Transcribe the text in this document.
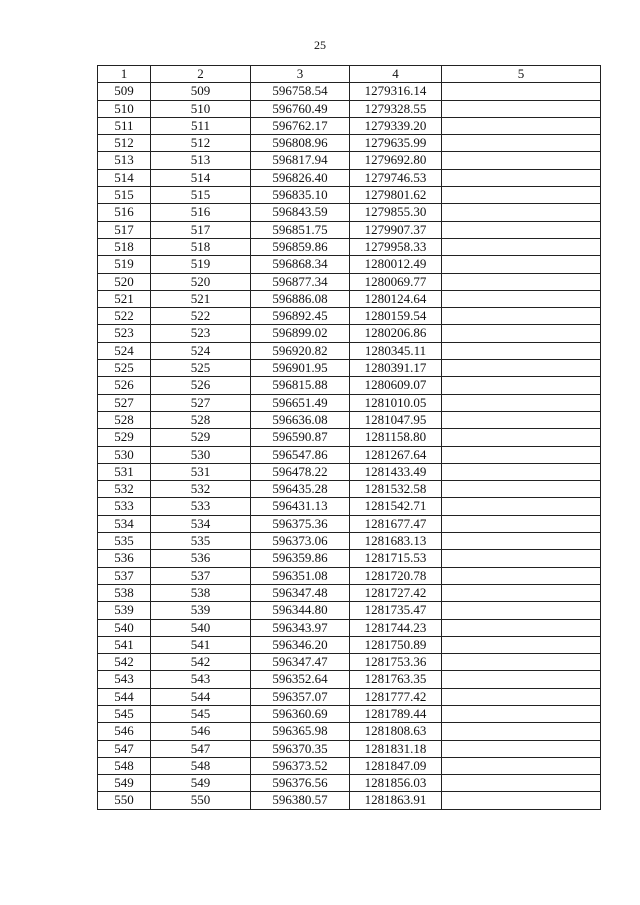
25
1	2	3	4	5
509	509	596758.54	1279316.14	
510	510	596760.49	1279328.55	
511	511	596762.17	1279339.20	
512	512	596808.96	1279635.99	
513	513	596817.94	1279692.80	
514	514	596826.40	1279746.53	
515	515	596835.10	1279801.62	
516	516	596843.59	1279855.30	
517	517	596851.75	1279907.37	
518	518	596859.86	1279958.33	
519	519	596868.34	1280012.49	
520	520	596877.34	1280069.77	
521	521	596886.08	1280124.64	
522	522	596892.45	1280159.54	
523	523	596899.02	1280206.86	
524	524	596920.82	1280345.11	
525	525	596901.95	1280391.17	
526	526	596815.88	1280609.07	
527	527	596651.49	1281010.05	
528	528	596636.08	1281047.95	
529	529	596590.87	1281158.80	
530	530	596547.86	1281267.64	
531	531	596478.22	1281433.49	
532	532	596435.28	1281532.58	
533	533	596431.13	1281542.71	
534	534	596375.36	1281677.47	
535	535	596373.06	1281683.13	
536	536	596359.86	1281715.53	
537	537	596351.08	1281720.78	
538	538	596347.48	1281727.42	
539	539	596344.80	1281735.47	
540	540	596343.97	1281744.23	
541	541	596346.20	1281750.89	
542	542	596347.47	1281753.36	
543	543	596352.64	1281763.35	
544	544	596357.07	1281777.42	
545	545	596360.69	1281789.44	
546	546	596365.98	1281808.63	
547	547	596370.35	1281831.18	
548	548	596373.52	1281847.09	
549	549	596376.56	1281856.03	
550	550	596380.57	1281863.91	
